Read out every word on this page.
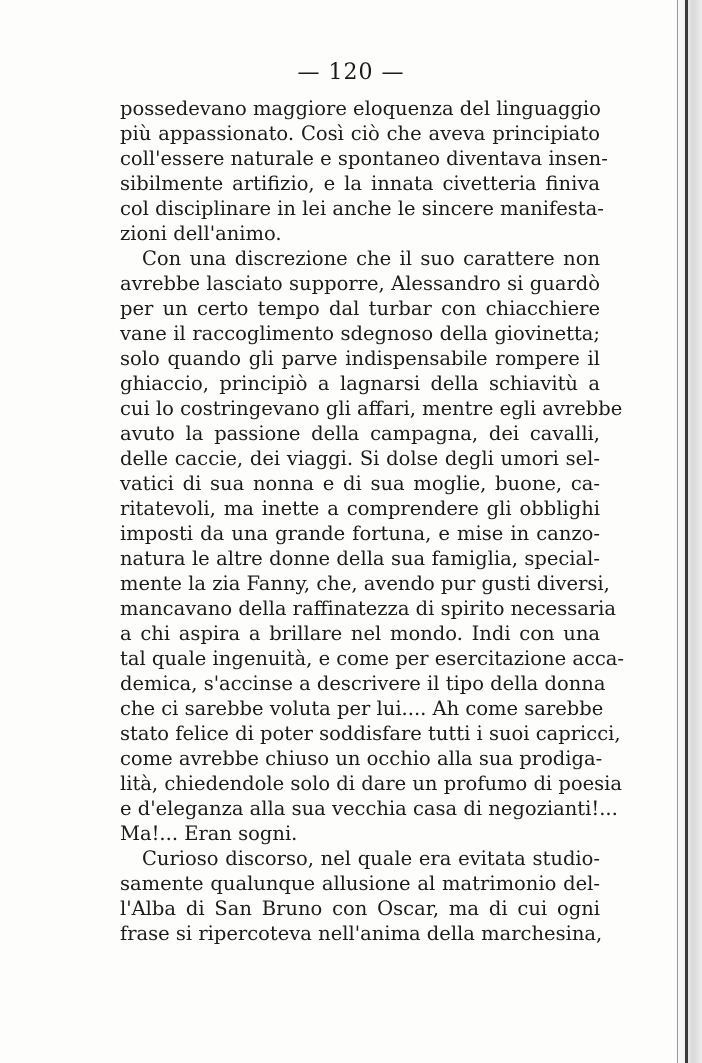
— 120 —
possedevano maggiore eloquenza del linguaggio
più appassionato. Così ciò che aveva principiato
coll'essere naturale e spontaneo diventava insen-
sibilmente artifizio, e la innata civetteria finiva
col disciplinare in lei anche le sincere manifesta-
zioni dell'animo.
Con una discrezione che il suo carattere non
avrebbe lasciato supporre, Alessandro si guardò
per un certo tempo dal turbar con chiacchiere
vane il raccoglimento sdegnoso della giovinetta;
solo quando gli parve indispensabile rompere il
ghiaccio, principiò a lagnarsi della schiavitù a
cui lo costringevano gli affari, mentre egli avrebbe
avuto la passione della campagna, dei cavalli,
delle caccie, dei viaggi. Si dolse degli umori sel-
vatici di sua nonna e di sua moglie, buone, ca-
ritatevoli, ma inette a comprendere gli obblighi
imposti da una grande fortuna, e mise in canzo-
natura le altre donne della sua famiglia, special-
mente la zia Fanny, che, avendo pur gusti diversi,
mancavano della raffinatezza di spirito necessaria
a chi aspira a brillare nel mondo. Indi con una
tal quale ingenuità, e come per esercitazione acca-
demica, s'accinse a descrivere il tipo della donna
che ci sarebbe voluta per lui.... Ah come sarebbe
stato felice di poter soddisfare tutti i suoi capricci,
come avrebbe chiuso un occhio alla sua prodiga-
lità, chiedendole solo di dare un profumo di poesia
e d'eleganza alla sua vecchia casa di negozianti!...
Ma!... Eran sogni.
Curioso discorso, nel quale era evitata studio-
samente qualunque allusione al matrimonio del-
l'Alba di San Bruno con Oscar, ma di cui ogni
frase si ripercoteva nell'anima della marchesina,
